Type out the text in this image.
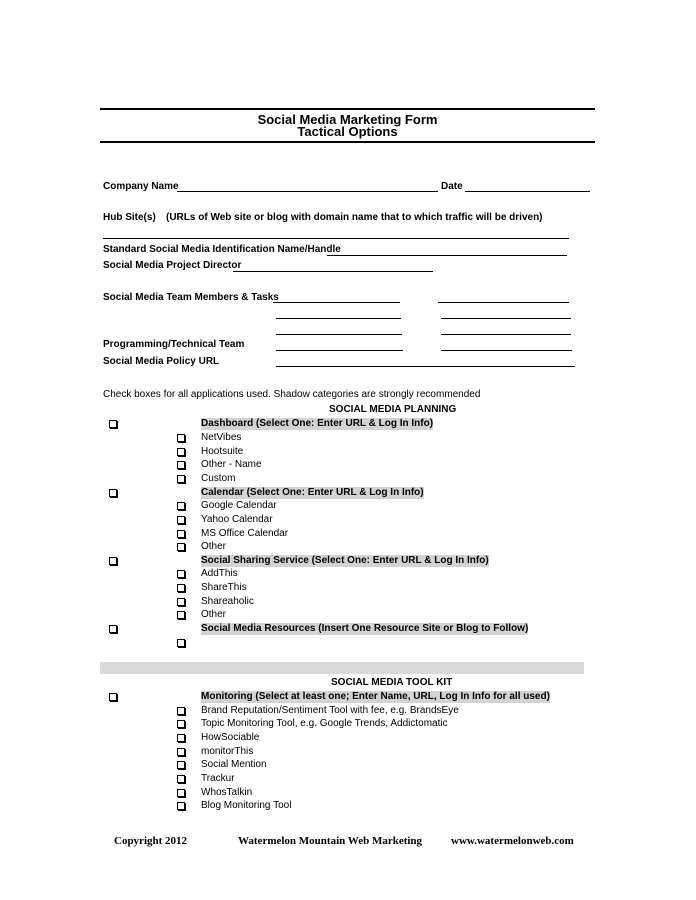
Social Media Marketing Form
Tactical Options
Company Name	Date
Hub Site(s) (URLs of Web site or blog with domain name that to which traffic will be driven)
Standard Social Media Identification Name/Handle
Social Media Project Director
Social Media Team Members & Tasks
Programming/Technical Team
Social Media Policy URL
Check boxes for all applications used. Shadow categories are strongly recommended
SOCIAL MEDIA PLANNING
Dashboard (Select One: Enter URL & Log In Info)
NetVibes
Hootsuite
Other - Name
Custom
Calendar (Select One: Enter URL & Log In Info)
Google Calendar
Yahoo Calendar
MS Office Calendar
Other
Social Sharing Service (Select One: Enter URL & Log In Info)
AddThis
ShareThis
Shareaholic
Other
Social Media Resources (Insert One Resource Site or Blog to Follow)
SOCIAL MEDIA TOOL KIT
Monitoring (Select at least one; Enter Name, URL, Log In Info for all used)
Brand Reputation/Sentiment Tool with fee, e.g. BrandsEye
Topic Monitoring Tool, e.g. Google Trends, Addictomatic
HowSociable
monitorThis
Social Mention
Trackur
WhosTalkin
Blog Monitoring Tool
Copyright 2012	Watermelon Mountain Web Marketing	www.watermelonweb.com
